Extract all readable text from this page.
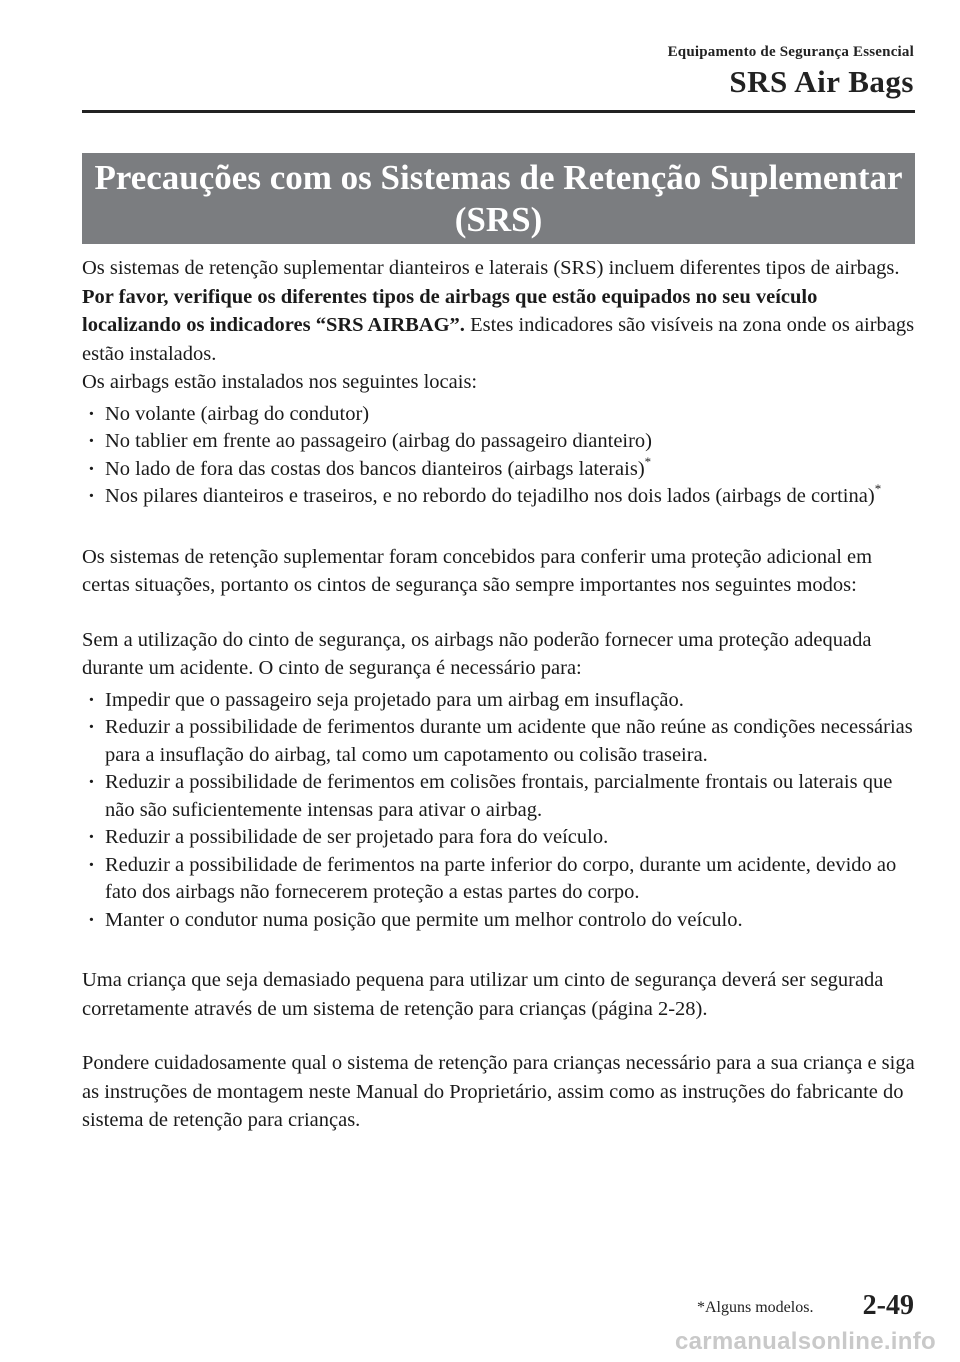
Equipamento de Segurança Essencial
SRS Air Bags
Precauções com os Sistemas de Retenção Suplementar
(SRS)

Os sistemas de retenção suplementar dianteiros e laterais (SRS) incluem diferentes tipos de airbags. Por favor, verifique os diferentes tipos de airbags que estão equipados no seu veículo localizando os indicadores “SRS AIRBAG”. Estes indicadores são visíveis na zona onde os airbags estão instalados.

Os airbags estão instalados nos seguintes locais:

· No volante (airbag do condutor)
· No tablier em frente ao passageiro (airbag do passageiro dianteiro)
· No lado de fora das costas dos bancos dianteiros (airbags laterais)*
· Nos pilares dianteiros e traseiros, e no rebordo do tejadilho nos dois lados (airbags de cortina)*

Os sistemas de retenção suplementar foram concebidos para conferir uma proteção adicional em certas situações, portanto os cintos de segurança são sempre importantes nos seguintes modos:

Sem a utilização do cinto de segurança, os airbags não poderão fornecer uma proteção adequada durante um acidente. O cinto de segurança é necessário para:

· Impedir que o passageiro seja projetado para um airbag em insuflação.
· Reduzir a possibilidade de ferimentos durante um acidente que não reúne as condições necessárias para a insuflação do airbag, tal como um capotamento ou colisão traseira.
· Reduzir a possibilidade de ferimentos em colisões frontais, parcialmente frontais ou laterais que não são suficientemente intensas para ativar o airbag.
· Reduzir a possibilidade de ser projetado para fora do veículo.
· Reduzir a possibilidade de ferimentos na parte inferior do corpo, durante um acidente, devido ao fato dos airbags não fornecerem proteção a estas partes do corpo.
· Manter o condutor numa posição que permite um melhor controlo do veículo.

Uma criança que seja demasiado pequena para utilizar um cinto de segurança deverá ser segurada corretamente através de um sistema de retenção para crianças (página 2-28).

Pondere cuidadosamente qual o sistema de retenção para crianças necessário para a sua criança e siga as instruções de montagem neste Manual do Proprietário, assim como as instruções do fabricante do sistema de retenção para crianças.

*Alguns modelos. 2-49
carmanualsonline.info
